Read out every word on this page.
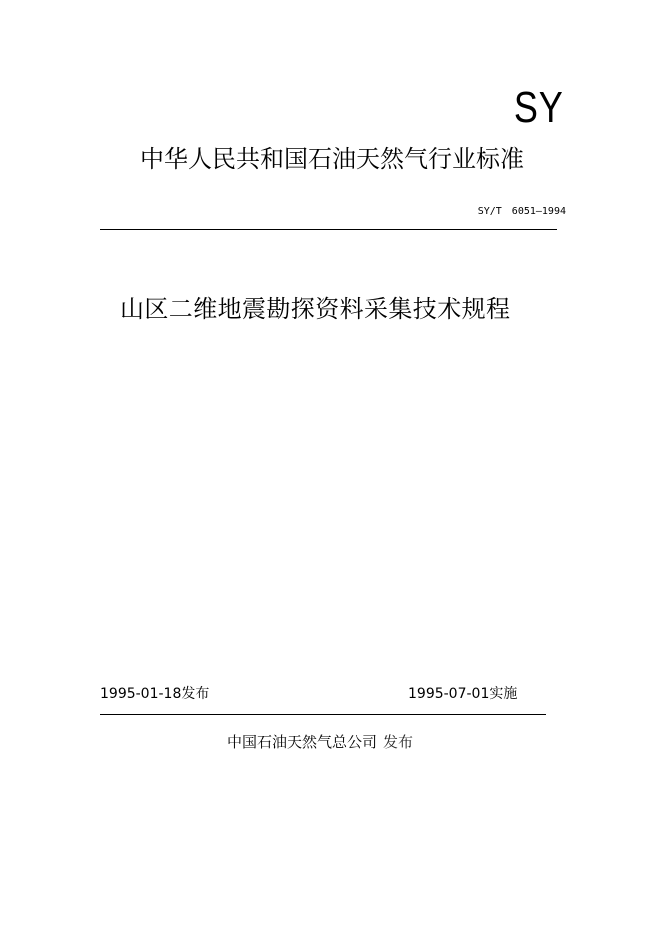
SY
中华人民共和国石油天然气行业标准
SY/T 6051—1994
山区二维地震勘探资料采集技术规程
1995-01-18发布	1995-07-01实施
中国石油天然气总公司 发布
